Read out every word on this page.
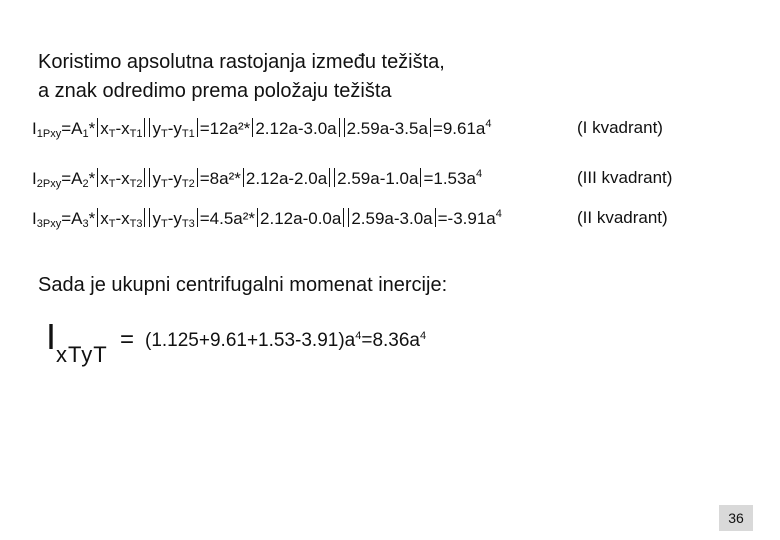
Koristimo apsolutna rastojanja između težišta,
a znak odredimo prema položaju težišta
$I_{1Pxy}=A_1*$ $x_T-x_{T1}$ $y_T-y_{T1} =12a^2*$ 2.12a-3.0a $2.59a-3.5a =9.61a^4$	(I kvadrant)
$I_{2Pxy}=A_2*$ $x_T-x_{T2}$ $y_T-y_{T2} =8a^2*$ 2.12a-2.0a $2.59a-1.0a =1.53a^4$	(III kvadrant)
$I_{3Pxy}=A_3*$ $x_T-x_{T3}$ $y_T-y_{T3} =4.5a^2*$ 2.12a-0.0a $2.59a-3.0a =-3.91a^4$	(II kvadrant)
Sada je ukupni centrifugalni momenat inercije:
I xTyT
= $(1.125+9.61+1.53-3.91)a^4=8.36a^4$
36
